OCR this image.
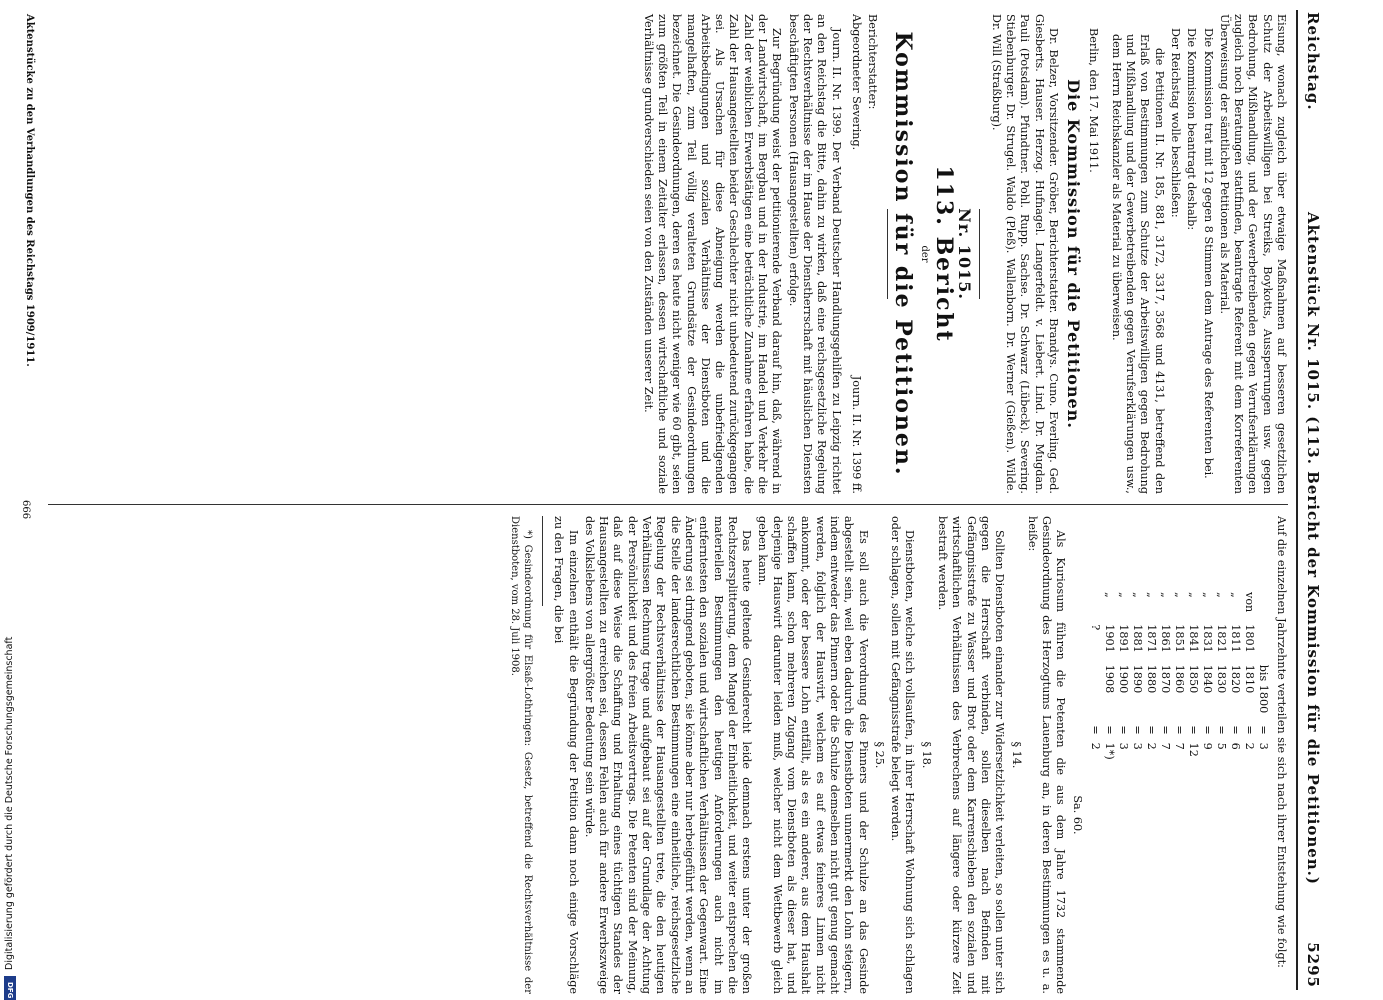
Digitalisierung gefördert durch die Deutsche Forschungsgemeinschaft
DFG
Reichstag.
Aktenstück Nr. 1015. (113. Bericht der Kommission für die Petitionen.)
5295

Eisung, wonach zugleich über etwaige Maßnahmen auf besseren gesetzlichen Schutz der Arbeitswilligen bei Streiks, Boykotts, Aussperrungen usw. gegen Bedrohung, Mißhandlung, und der Gewerbetreibenden gegen Verrufserklärungen zugleich noch Beratungen stattfinden, beantragte Referent mit dem Korreferenten Überweisung der sämtlichen Petitionen als Material.

Die Kommission trat mit 12 gegen 8 Stimmen dem Antrage des Referenten bei.

Die Kommission beantragt deshalb:

Der Reichstag wolle beschließen:

die Petitionen II. Nr. 185, 881, 3172, 3317, 3568 und 4131, betreffend den Erlaß von Bestimmungen zum Schutze der Arbeitswilligen gegen Bedrohung und Mißhandlung und der Gewerbetreibenden gegen Verrufserklärungen usw., dem Herrn Reichskanzler als Material zu überweisen.

Berlin, den 17. Mai 1911.

Die Kommission für die Petitionen.

Dr. Belzer, Vorsitzender. Gröber, Berichterstatter. Brandys. Cuno. Everling. Ged. Giesberts. Hauser. Herzog. Hufnagel. Langerfeldt. v. Liebert. Lind. Dr. Mugdan. Pauli (Potsdam). Pfundtner. Pohl. Rupp. Sachse. Dr. Schwarz (Lübeck). Severing. Stiebenburger. Dr. Strugel. Waldo (Pleß). Wallenborn. Dr. Werner (Gießen). Wilde. Dr. Will (Straßburg).

Nr. 1015.

113. Bericht

der

Kommission für die Petitionen.

Berichterstatter:

Abgeordneter Severing.
Journ. II. Nr. 1399 ff.

Journ. II. Nr. 1399. Der Verband Deutscher Handlungsgehilfen zu Leipzig richtet an den Reichstag die Bitte, dahin zu wirken, daß eine reichsgesetzliche Regelung der Rechtsverhältnisse der im Hause der Dienstherrschaft mit häuslichen Diensten beschäftigten Personen (Hausangestellten) erfolge.

Zur Begründung weist der petitionierende Verband darauf hin, daß, während in der Landwirtschaft, im Bergbau und in der Industrie, im Handel und Verkehr die Zahl der weiblichen Erwerbstätigen eine beträchtliche Zunahme erfahren habe, die Zahl der Hausangestellten beider Geschlechter nicht unbedeutend zurückgegangen sei. Als Ursachen für diese Abneigung werden die unbefriedigenden Arbeitsbedingungen und sozialen Verhältnisse der Dienstboten und die mangelhaften, zum Teil völlig veralteten Grundsätze der Gesindeordnungen bezeichnet. Die Gesindeordnungen, deren es heute nicht weniger wie 60 gibt, seien zum größten Teil in einem Zeitalter erlassen, dessen wirtschaftliche und soziale Verhältnisse grundverschieden seien von den Zuständen unserer Zeit.

Aktenstücke zu den Verhandlungen des Reichstags 1909/1911.

Auf die einzelnen Jahrzehnte verteilen sie sich nach ihrer Entstehung wie folgt:

		bis 1800	=	3
von	1801	1810	=	2
„	1811	1820	=	6
„	1821	1830	=	5
„	1831	1840	=	9
„	1841	1850	=	12
„	1851	1860	=	7
„	1861	1870	=	7
„	1871	1880	=	2
„	1881	1890	=	3
„	1891	1900	=	3
„	1901	1908	=	1*)
	?		=	2

Sa. 60.

Als Kuriosum führen die Petenten die aus dem Jahre 1732 stammende Gesindeordnung des Herzogtums Lauenburg an, in deren Bestimmungen es u. a. heiße:

§ 14.

Sollten Dienstboten einander zur Widersetzlichkeit verleiten, so sollen unter sich gegen die Herrschaft verbinden, sollen dieselben nach Befinden mit Gefängnisstrafe zu Wasser und Brot oder dem Karrenschieben den sozialen und wirtschaftlichen Verhältnissen des Verbrechens auf längere oder kürzere Zeit bestraft werden.

§ 18.

Dienstboten, welche sich vollsaufen, in ihrer Herrschaft Wohnung sich schlagen oder schlagen, sollen mit Gefängnisstrafe belegt werden.

§ 25.

Es soll auch die Verordnung des Pinners und der Schulze an das Gesinde abgestellt sein, weil eben dadurch die Dienstboten unnermerkt den Lohn steigern, indem entweder das Pinnern oder die Schulze demselben nicht gut genug gemacht werden, folglich der Hausvirt, welchem es auf etwas feineres Linnen nicht ankommt, oder der bessere Lohn entfällt, als es ein anderer, aus dem Haushalt schaffen kann, schon mehreren Zugang vom Dienstboten als dieser hat, und derjenige Hauswirt darunter leiden muß, welcher nicht dem Wettbewerb gleich geben kann.

Das heute geltende Gesinderecht leide demnach erstens unter der großen Rechtszersplitterung, dem Mangel der Einheitlichkeit, und weiter entsprechen die materiellen Bestimmungen den heutigen Anforderungen auch nicht im entferntesten den sozialen und wirtschaftlichen Verhältnissen der Gegenwart. Eine Änderung sei dringend geboten, sie könne aber nur herbeigeführt werden, wenn an die Stelle der landesrechtlichen Bestimmungen eine einheitliche, reichsgesetzliche Regelung der Rechtsverhältnisse der Hausangestellten trete, die den heutigen Verhältnissen Rechnung trage und aufgebaut sei auf der Grundlage der Achtung der Persönlichkeit und des freien Arbeitsvertrags. Die Petenten sind der Meinung, daß auf diese Weise die Schaffung und Erhaltung eines tüchtigen Standes der Hausangestellten zu erreichen sei, dessen Fehlen auch für andere Erwerbszweige des Volkslebens von allergrößter Bedeutung sein würde.

Im einzelnen enthält die Begründung der Petition dann noch einige Vorschläge zu den Fragen, die bei

*) Gesindeordnung für Elsaß-Lothringen: Gesetz, betreffend die Rechtsverhältnisse der Dienstboten, vom 28. Juli 1908.

666
